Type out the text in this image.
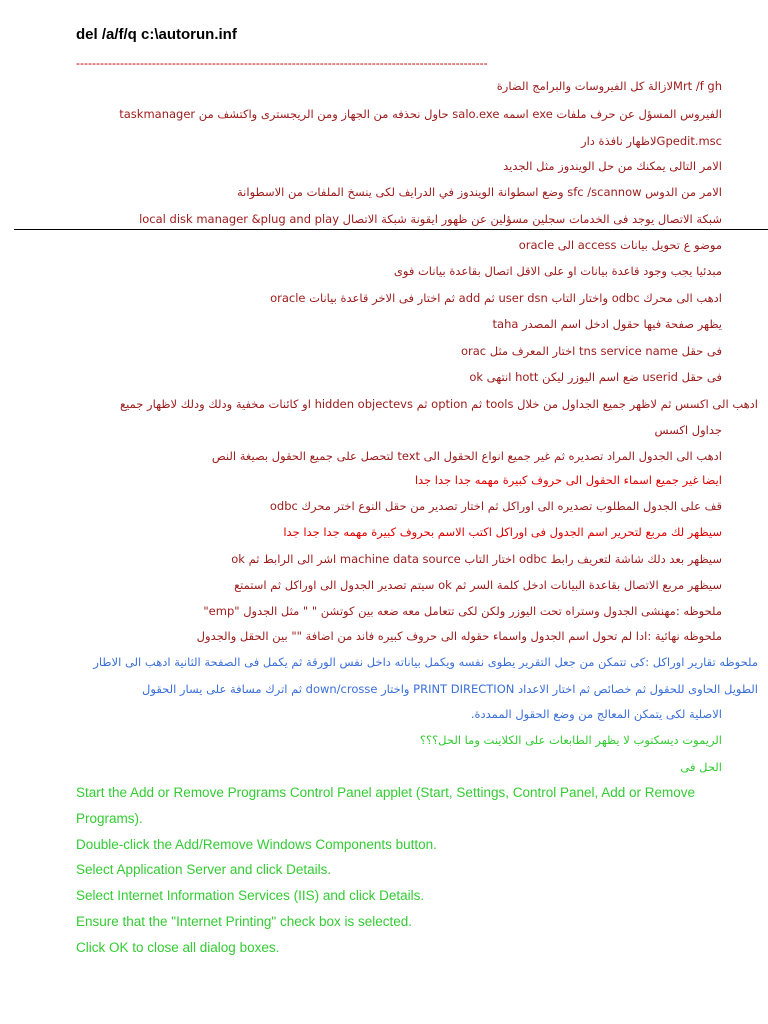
del /a/f/q c:\autorun.inf
-------------------------------------------------------------------------------------------------------
Mrt /f ghلازالة كل الفيروسات والبرامج الضارة
الفيروس المسؤل عن حرف ملفات exe اسمه salo.exe حاول نحذفه من الجهاز ومن الريجسترى واكتشف من taskmanager
Gpedit.mscلاظهار نافذة دار
الامر التالى يمكنك من حل الويندوز مثل الجديد
الامر من الدوس sfc /scannow وضع اسطوانة الويندوز في الدرايف لكى ينسخ الملفات من الاسطوانة
شبكة الاتصال يوجد فى الخدمات سجلين مسؤلين عن ظهور ايقونة شبكة الاتصال local disk manager &plug and play
موضو ع تحويل بيانات access الى oracle
مبدئيا يجب وجود قاعدة بيانات او على الاقل اتصال بقاعدة بيانات فوى
ادهب الى محرك odbc واختار التاب user dsn ثم add ثم اختار فى الاخر قاعدة بيانات oracle
يظهر صفحة فيها حقول ادخل اسم المصدر taha
فى حقل tns service name اختار المعرف مثل orac
فى حقل userid ضع اسم اليوزر ليكن hott انتهى ok
ادهب الى اكسس ثم لاظهر جميع الجداول من خلال tools ثم option ثم hidden objectevs او كائنات مخفية ودلك ودلك لاظهار جميع
جداول اكسس
ادهب الى الجدول المراد تصديره ثم غير جميع انواع الحقول الى text لتحصل على جميع الحقول بصيغة النص
ايضا غير جميع اسماء الحقول الى حروف كبيرة مهمه جدا جدا جدا
قف على الجدول المطلوب تصديره الى اوراكل ثم اختار تصدير من حقل النوع اختر محرك odbc
سيظهر لك مربع لتحرير اسم الجدول فى اوراكل اكتب الاسم بحروف كبيرة مهمه جدا جدا جدا
سيظهر بعد دلك شاشة لتعريف رابط odbc اختار التاب machine data source اشر الى الرابط ثم ok
سيظهر مربع الاتصال بقاعدة البيانات ادخل كلمة السر ثم ok سيتم تصدير الجدول الى اوراكل ثم استمتع
ملحوظه :مهنشى الجدول وستراه تحت اليوزر ولكن لكى تتعامل معه ضعه بين كوتشن " " مثل الجدول "emp"
ملحوظه نهائية :ادا لم تحول اسم الجدول واسماء حقوله الى حروف كبيره فاند من اضافة "" بين الحقل والجدول
ملحوظه تقارير اوراكل :كى تتمكن من جعل التقرير يطوى نفسه ويكمل بياناته داخل نفس الورقة ثم يكمل فى الصفحة الثانية ادهب الى الاطار
الطويل الحاوى للحقول ثم خصائص ثم اختار الاعداد PRINT DIRECTION واختار down/crosse ثم اترك مسافة على يسار الحقول
الاصلية لكى يتمكن المعالج من وضع الحقول الممددة.
الريموت ديسكتوب لا يظهر الطابعات على الكلاينت وما الحل؟؟؟
الحل فى
Start the Add or Remove Programs Control Panel applet (Start, Settings, Control Panel, Add or Remove
Programs).
Double-click the Add/Remove Windows Components button.
Select Application Server and click Details.
Select Internet Information Services (IIS) and click Details.
Ensure that the "Internet Printing" check box is selected.
Click OK to close all dialog boxes.
